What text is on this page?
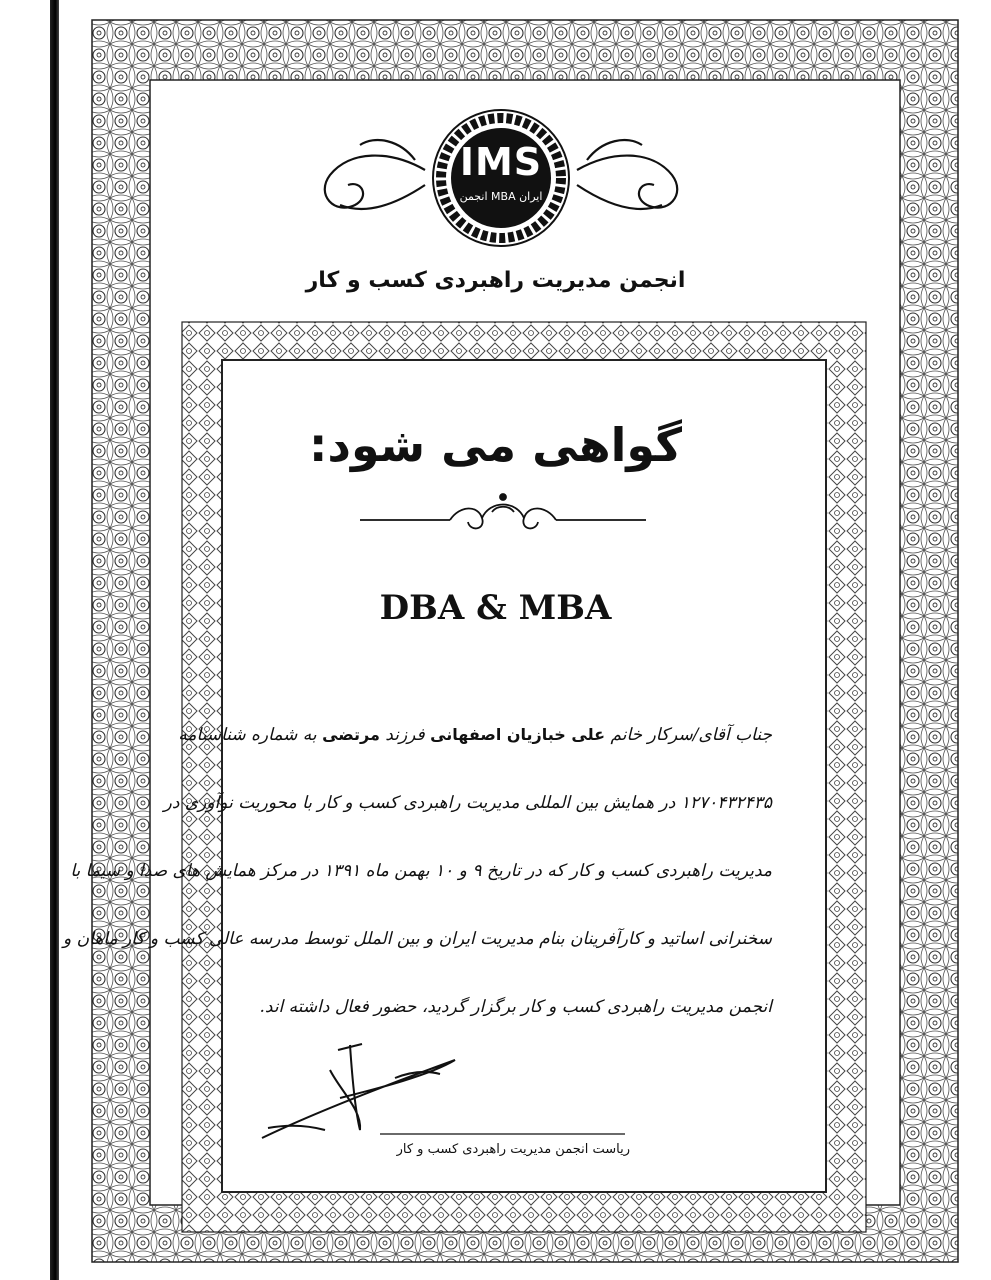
IMS
انجمن MBA ایران
انجمن مدیریت راهبردی کسب و کار
گواهی می شود:
DBA & MBA
جناب آقای/سرکار خانم علی خبازیان اصفهانی فرزند مرتضی به شماره شناسنامه
۱۲۷۰۴۳۲۴۳۵ در همایش بین المللی مدیریت راهبردی کسب و کار با محوریت نوآوری در
مدیریت راهبردی کسب و کار که در تاریخ ۹ و ۱۰ بهمن ماه ۱۳۹۱ در مرکز همایش های صدا و سیما با
سخنرانی اساتید و کارآفرینان بنام مدیریت ایران و بین الملل توسط مدرسه عالی کسب و کار ماهان و
انجمن مدیریت راهبردی کسب و کار برگزار گردید، حضور فعال داشته اند.
ریاست انجمن مدیریت راهبردی کسب و کار
